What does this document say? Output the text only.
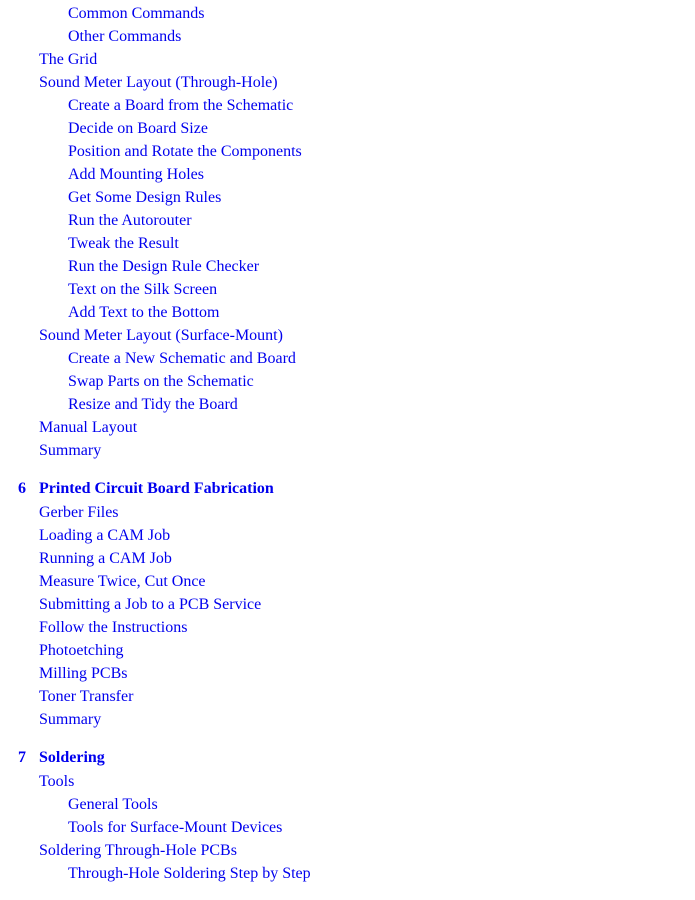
Common Commands
Other Commands
The Grid
Sound Meter Layout (Through-Hole)
Create a Board from the Schematic
Decide on Board Size
Position and Rotate the Components
Add Mounting Holes
Get Some Design Rules
Run the Autorouter
Tweak the Result
Run the Design Rule Checker
Text on the Silk Screen
Add Text to the Bottom
Sound Meter Layout (Surface-Mount)
Create a New Schematic and Board
Swap Parts on the Schematic
Resize and Tidy the Board
Manual Layout
Summary
6 Printed Circuit Board Fabrication
Gerber Files
Loading a CAM Job
Running a CAM Job
Measure Twice, Cut Once
Submitting a Job to a PCB Service
Follow the Instructions
Photoetching
Milling PCBs
Toner Transfer
Summary
7 Soldering
Tools
General Tools
Tools for Surface-Mount Devices
Soldering Through-Hole PCBs
Through-Hole Soldering Step by Step
